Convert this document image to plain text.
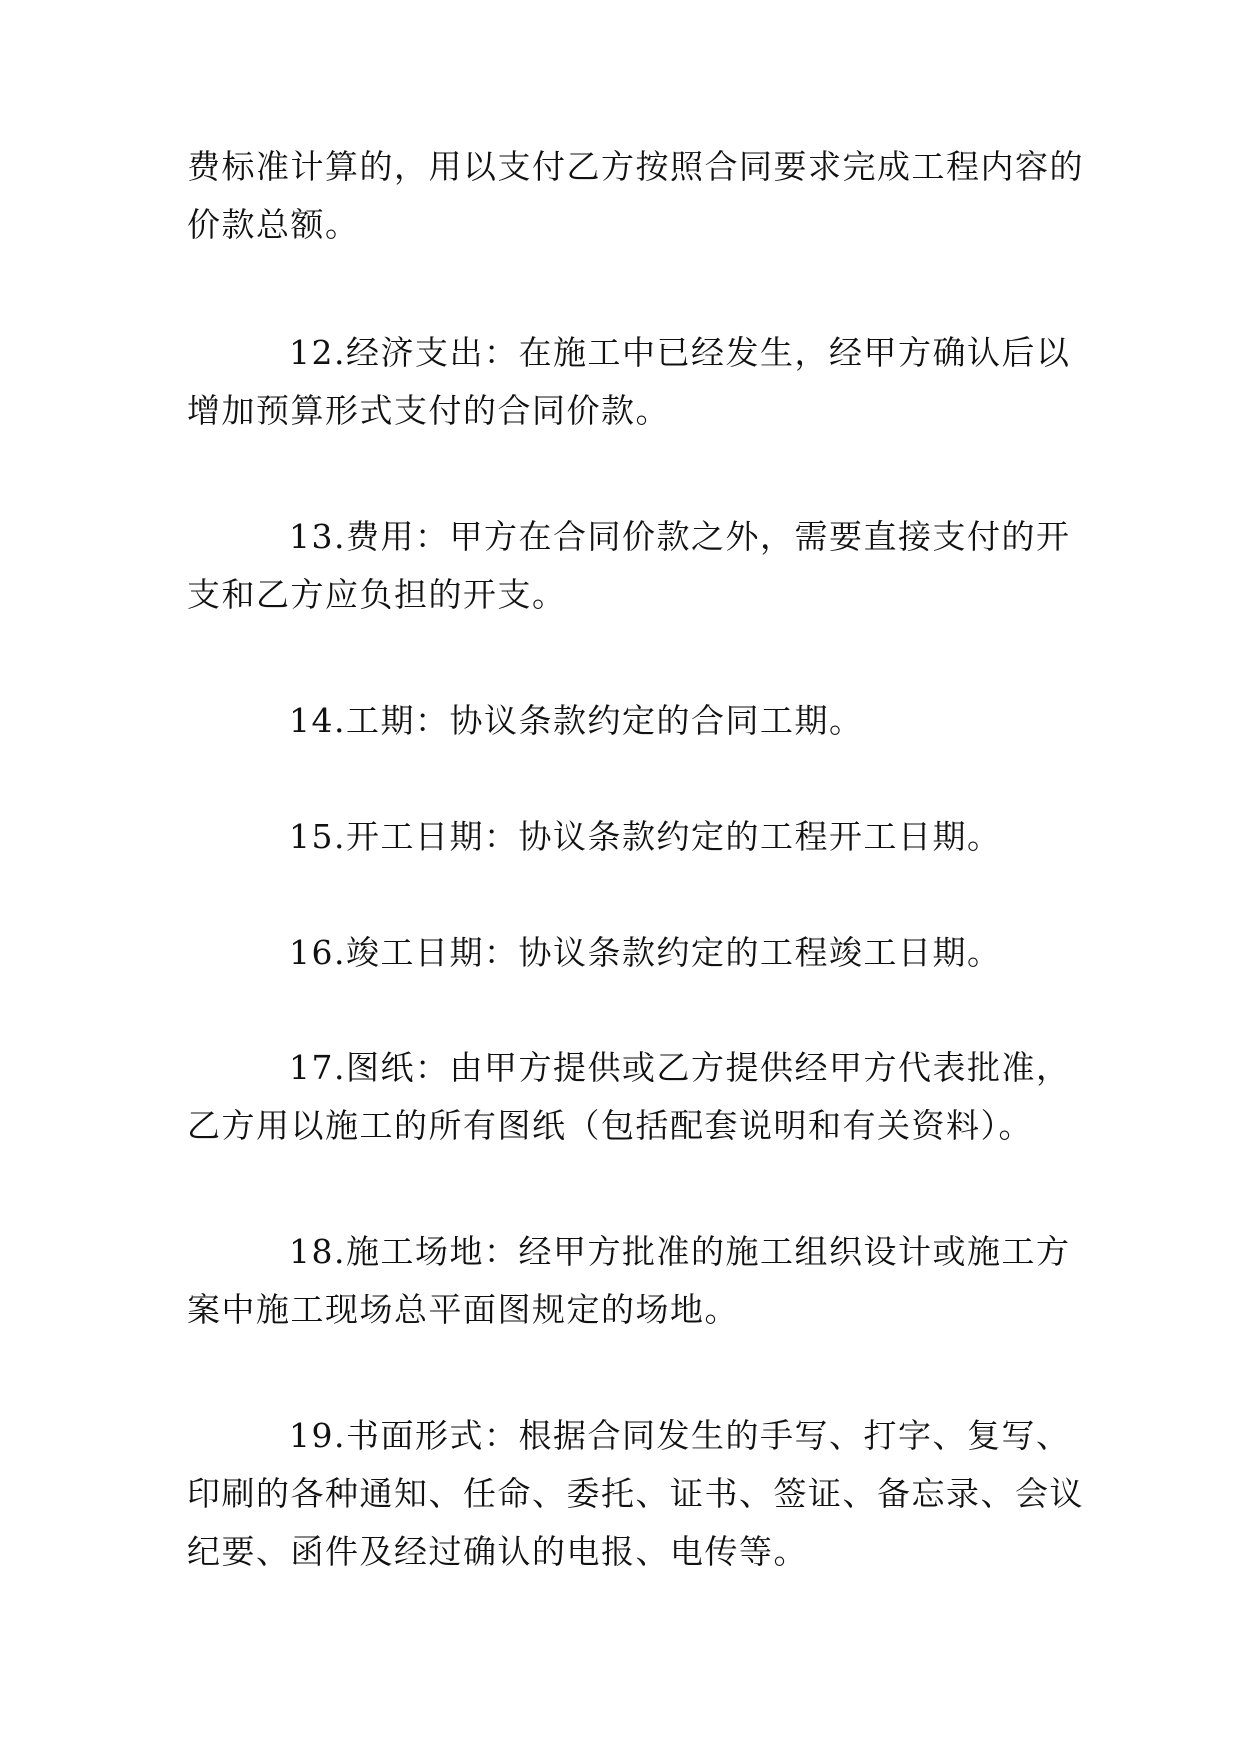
费标准计算的，用以支付乙方按照合同要求完成工程内容的
价款总额。
12.经济支出：在施工中已经发生，经甲方确认后以
增加预算形式支付的合同价款。
13.费用：甲方在合同价款之外，需要直接支付的开
支和乙方应负担的开支。
14.工期：协议条款约定的合同工期。
15.开工日期：协议条款约定的工程开工日期。
16.竣工日期：协议条款约定的工程竣工日期。
17.图纸：由甲方提供或乙方提供经甲方代表批准，
乙方用以施工的所有图纸（包括配套说明和有关资料）。
18.施工场地：经甲方批准的施工组织设计或施工方
案中施工现场总平面图规定的场地。
19.书面形式：根据合同发生的手写、打字、复写、
印刷的各种通知、任命、委托、证书、签证、备忘录、会议
纪要、函件及经过确认的电报、电传等。
